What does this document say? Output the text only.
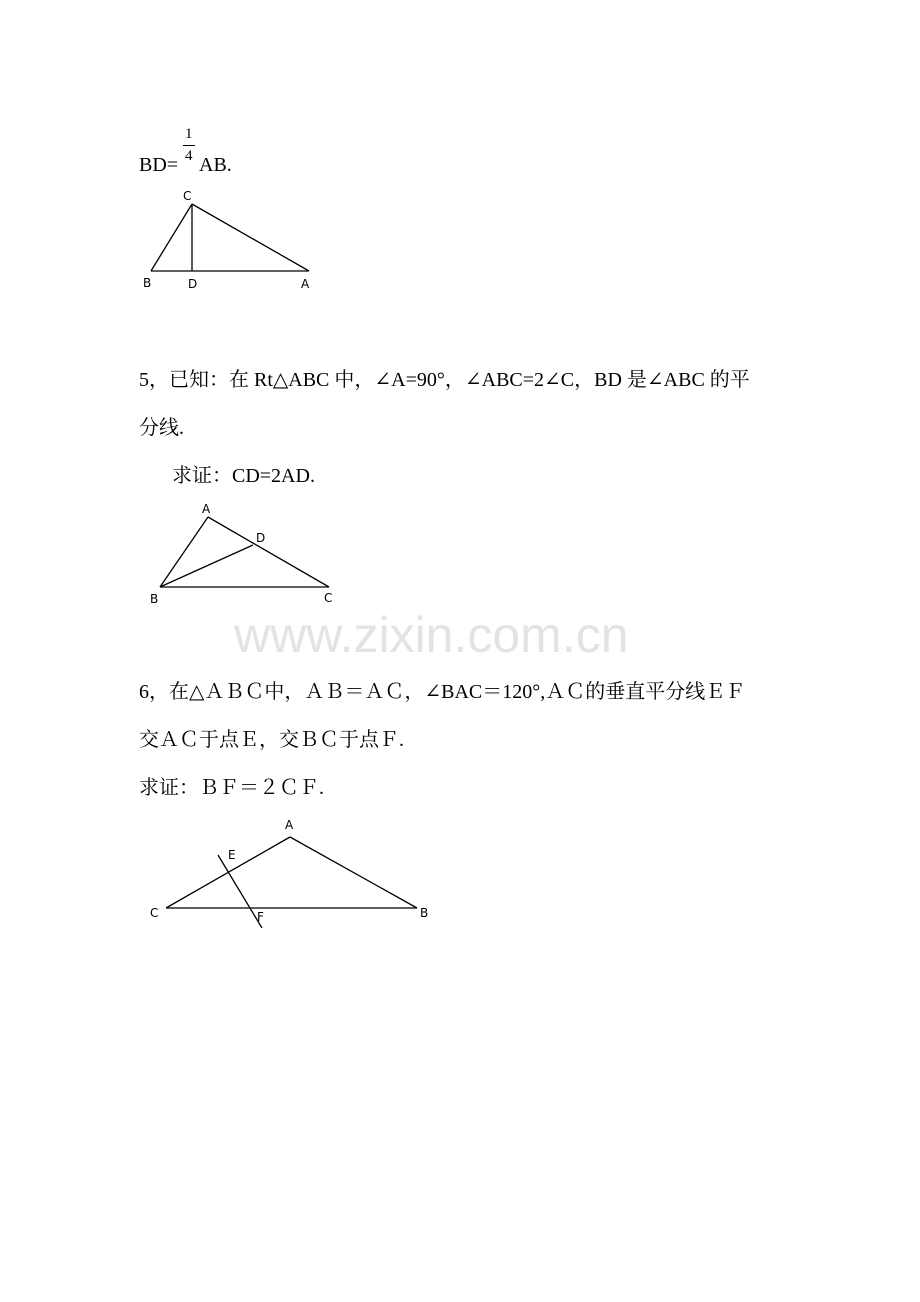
BD=
1
4 AB.
C
B	D	A
5，已知：在 Rt△ABC 中，∠A=90°，∠ABC=2∠C，BD 是∠ABC 的平
分线.
求证：CD=2AD.
A
D
B	C
www.zixin.com.cn
6，在△ＡＢＣ中，ＡＢ＝ＡＣ，∠BAC＝120°,ＡＣ的垂直平分线ＥＦ
交ＡＣ于点Ｅ，交ＢＣ于点Ｆ.
求证：ＢＦ＝２ＣＦ.
A
E
C	F	B
